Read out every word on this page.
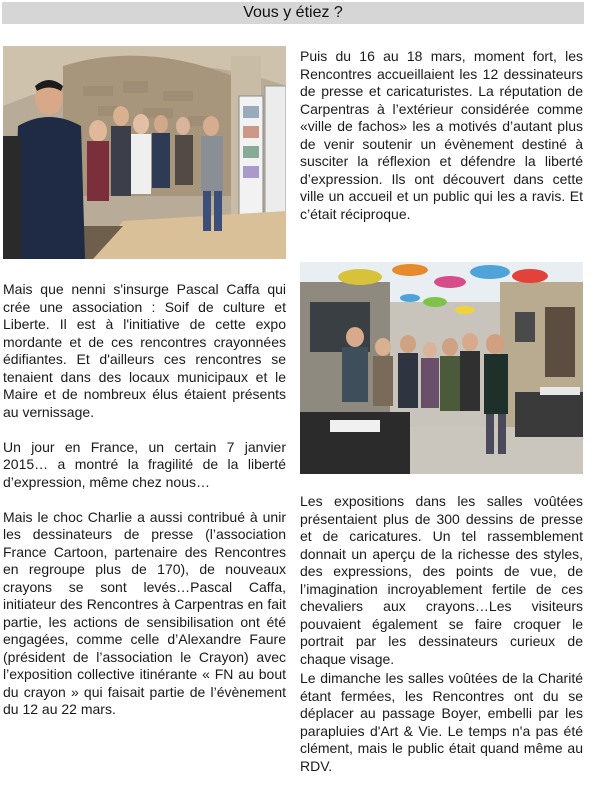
Vous y étiez ?

Puis du 16 au 18 mars, moment fort, les Rencontres accueillaient les 12 dessinateurs de presse et caricaturistes. La réputation de Carpentras à l’extérieur considérée comme «ville de fachos» les a motivés d’autant plus de venir soutenir un évènement destiné à susciter la réflexion et défendre la liberté d’expression. Ils ont découvert dans cette ville un accueil et un public qui les a ravis. Et c’était réciproque.

Mais que nenni s'insurge Pascal Caffa qui crée une association : Soif de culture et Liberte. Il est à l'initiative de cette expo mordante et de ces rencontres crayonnées édifiantes. Et d'ailleurs ces rencontres se tenaient dans des locaux municipaux et le Maire et de nombreux élus étaient présents au vernissage.

Un jour en France, un certain 7 janvier 2015… a montré la fragilité de la liberté d’expression, même chez nous…

Mais le choc Charlie a aussi contribué à unir les dessinateurs de presse (l’association France Cartoon, partenaire des Rencontres en regroupe plus de 170), de nouveaux crayons se sont levés…Pascal Caffa, initiateur des Rencontres à Carpentras en fait partie, les actions de sensibilisation ont été engagées, comme celle d’Alexandre Faure (président de l’association le Crayon) avec l’exposition collective itinérante « FN au bout du crayon » qui faisait partie de l’évènement du 12 au 22 mars.

Les expositions dans les salles voûtées présentaient plus de 300 dessins de presse et de caricatures. Un tel rassemblement donnait un aperçu de la richesse des styles, des expressions, des points de vue, de l’imagination incroyablement fertile de ces chevaliers aux crayons…Les visiteurs pouvaient également se faire croquer le portrait par les dessinateurs curieux de chaque visage.

Le dimanche les salles voûtées de la Charité étant fermées, les Rencontres ont du se déplacer au passage Boyer, embelli par les parapluies d'Art & Vie. Le temps n'a pas été clément, mais le public était quand même au RDV.
